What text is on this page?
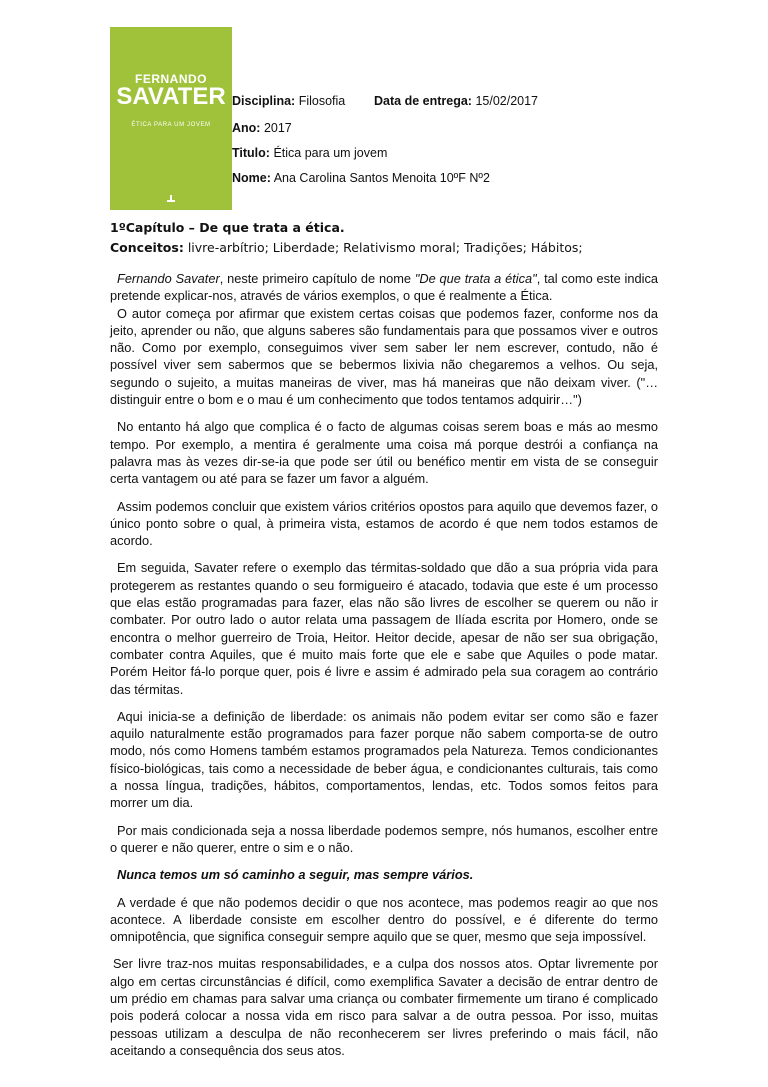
FERNANDO
SAVATER
ÉTICA PARA UM JOVEM
Disciplina: Filosofia Data de entrega: 15/02/2017
Ano: 2017
Titulo: Ética para um jovem
Nome: Ana Carolina Santos Menoita 10ºF Nº2
1ºCapítulo – De que trata a ética.
Conceitos: livre-arbítrio; Liberdade; Relativismo moral; Tradições; Hábitos;

Fernando Savater, neste primeiro capítulo de nome "De que trata a ética", tal como este indica pretende explicar-nos, através de vários exemplos, o que é realmente a Ética.

O autor começa por afirmar que existem certas coisas que podemos fazer, conforme nos da jeito, aprender ou não, que alguns saberes são fundamentais para que possamos viver e outros não. Como por exemplo, conseguimos viver sem saber ler nem escrever, contudo, não é possível viver sem sabermos que se bebermos lixivia não chegaremos a velhos. Ou seja, segundo o sujeito, a muitas maneiras de viver, mas há maneiras que não deixam viver. ("…distinguir entre o bom e o mau é um conhecimento que todos tentamos adquirir…")

No entanto há algo que complica é o facto de algumas coisas serem boas e más ao mesmo tempo. Por exemplo, a mentira é geralmente uma coisa má porque destrói a confiança na palavra mas às vezes dir-se-ia que pode ser útil ou benéfico mentir em vista de se conseguir certa vantagem ou até para se fazer um favor a alguém.

Assim podemos concluir que existem vários critérios opostos para aquilo que devemos fazer, o único ponto sobre o qual, à primeira vista, estamos de acordo é que nem todos estamos de acordo.

Em seguida, Savater refere o exemplo das térmitas-soldado que dão a sua própria vida para protegerem as restantes quando o seu formigueiro é atacado, todavia que este é um processo que elas estão programadas para fazer, elas não são livres de escolher se querem ou não ir combater. Por outro lado o autor relata uma passagem de Ilíada escrita por Homero, onde se encontra o melhor guerreiro de Troia, Heitor. Heitor decide, apesar de não ser sua obrigação, combater contra Aquiles, que é muito mais forte que ele e sabe que Aquiles o pode matar. Porém Heitor fá-lo porque quer, pois é livre e assim é admirado pela sua coragem ao contrário das térmitas.

Aqui inicia-se a definição de liberdade: os animais não podem evitar ser como são e fazer aquilo naturalmente estão programados para fazer porque não sabem comporta-se de outro modo, nós como Homens também estamos programados pela Natureza. Temos condicionantes físico-biológicas, tais como a necessidade de beber água, e condicionantes culturais, tais como a nossa língua, tradições, hábitos, comportamentos, lendas, etc. Todos somos feitos para morrer um dia.

Por mais condicionada seja a nossa liberdade podemos sempre, nós humanos, escolher entre o querer e não querer, entre o sim e o não.

Nunca temos um só caminho a seguir, mas sempre vários.

A verdade é que não podemos decidir o que nos acontece, mas podemos reagir ao que nos acontece. A liberdade consiste em escolher dentro do possível, e é diferente do termo omnipotência, que significa conseguir sempre aquilo que se quer, mesmo que seja impossível.

Ser livre traz-nos muitas responsabilidades, e a culpa dos nossos atos. Optar livremente por algo em certas circunstâncias é difícil, como exemplifica Savater a decisão de entrar dentro de um prédio em chamas para salvar uma criança ou combater firmemente um tirano é complicado pois poderá colocar a nossa vida em risco para salvar a de outra pessoa. Por isso, muitas pessoas utilizam a desculpa de não reconhecerem ser livres preferindo o mais fácil, não aceitando a consequência dos seus atos.
